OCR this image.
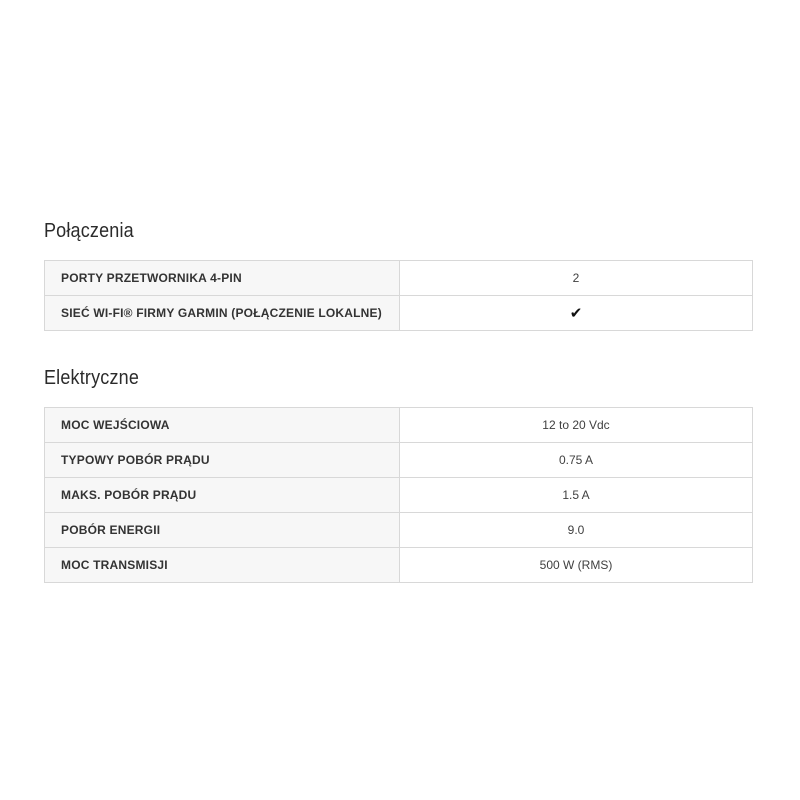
Połączenia
PORTY PRZETWORNIKA 4-PIN	2
SIEĆ WI-FI® FIRMY GARMIN (POŁĄCZENIE LOKALNE)	✔
Elektryczne
MOC WEJŚCIOWA	12 to 20 Vdc
TYPOWY POBÓR PRĄDU	0.75 A
MAKS. POBÓR PRĄDU	1.5 A
POBÓR ENERGII	9.0
MOC TRANSMISJI	500 W (RMS)
